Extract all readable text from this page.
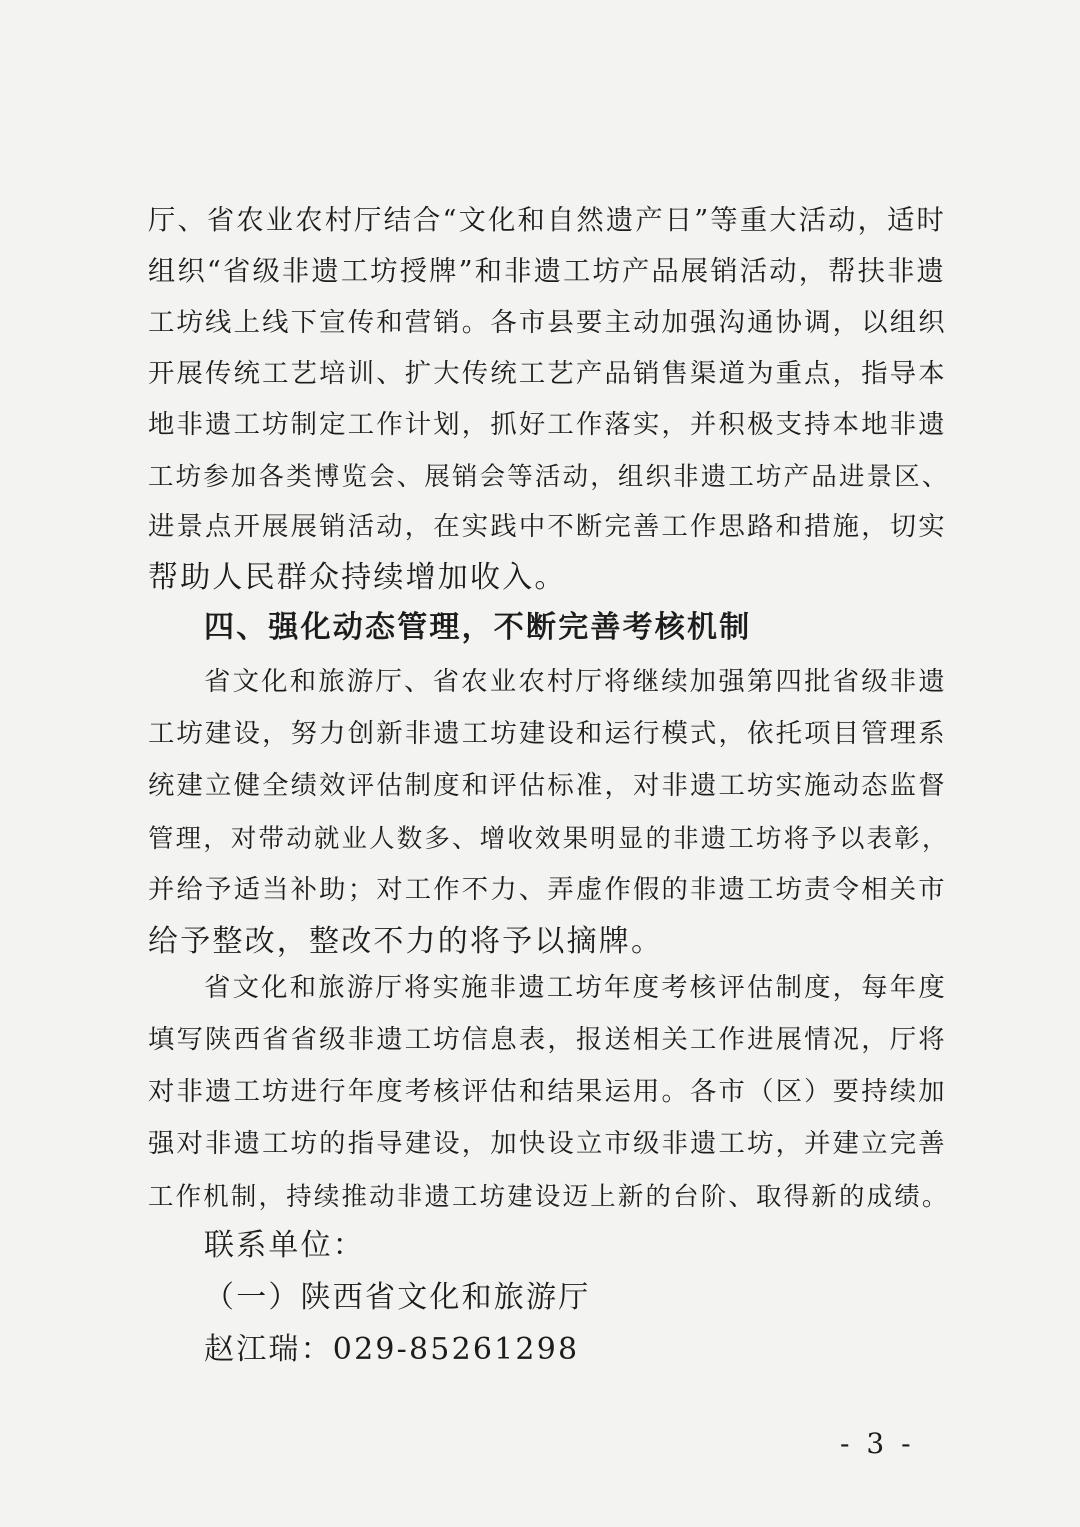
厅、省农业农村厅结合“文化和自然遗产日”等重大活动，适时
组织“省级非遗工坊授牌”和非遗工坊产品展销活动，帮扶非遗
工坊线上线下宣传和营销。各市县要主动加强沟通协调，以组织
开展传统工艺培训、扩大传统工艺产品销售渠道为重点，指导本
地非遗工坊制定工作计划，抓好工作落实，并积极支持本地非遗
工坊参加各类博览会、展销会等活动，组织非遗工坊产品进景区、
进景点开展展销活动，在实践中不断完善工作思路和措施，切实
帮助人民群众持续增加收入。
四、强化动态管理，不断完善考核机制
省文化和旅游厅、省农业农村厅将继续加强第四批省级非遗
工坊建设，努力创新非遗工坊建设和运行模式，依托项目管理系
统建立健全绩效评估制度和评估标准，对非遗工坊实施动态监督
管理，对带动就业人数多、增收效果明显的非遗工坊将予以表彰，
并给予适当补助；对工作不力、弄虚作假的非遗工坊责令相关市
给予整改，整改不力的将予以摘牌。
省文化和旅游厅将实施非遗工坊年度考核评估制度，每年度
填写陕西省省级非遗工坊信息表，报送相关工作进展情况，厅将
对非遗工坊进行年度考核评估和结果运用。各市（区）要持续加
强对非遗工坊的指导建设，加快设立市级非遗工坊，并建立完善
工作机制，持续推动非遗工坊建设迈上新的台阶、取得新的成绩。
联系单位：
（一）陕西省文化和旅游厅
赵江瑞：029-85261298
- 3 -
